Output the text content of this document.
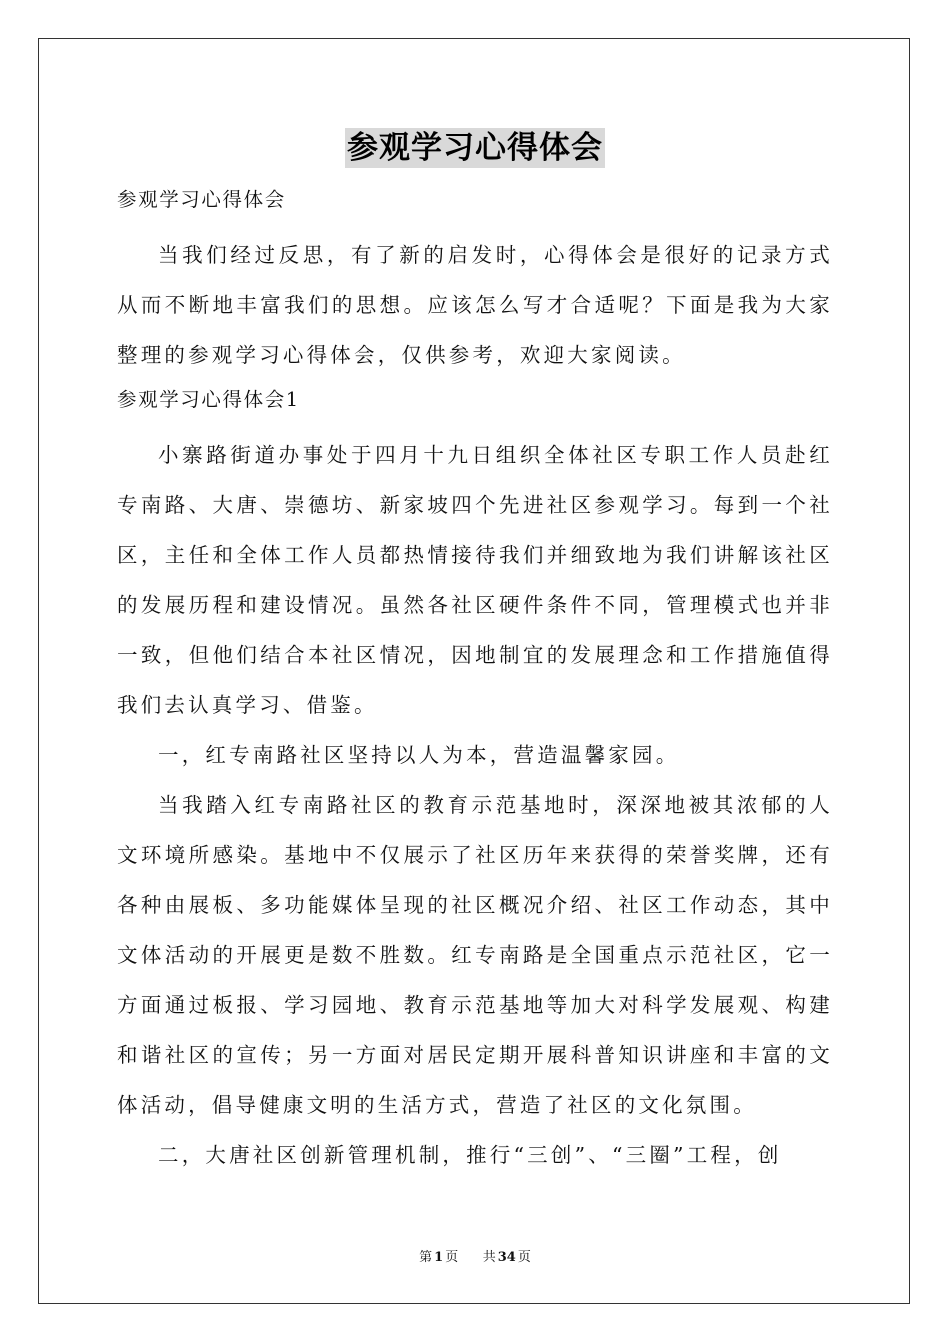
参观学习心得体会

参观学习心得体会

当我们经过反思，有了新的启发时，心得体会是很好的记录方式从而不断地丰富我们的思想。应该怎么写才合适呢？下面是我为大家整理的参观学习心得体会，仅供参考，欢迎大家阅读。

参观学习心得体会1

小寨路街道办事处于四月十九日组织全体社区专职工作人员赴红专南路、大唐、崇德坊、新家坡四个先进社区参观学习。每到一个社区，主任和全体工作人员都热情接待我们并细致地为我们讲解该社区的发展历程和建设情况。虽然各社区硬件条件不同，管理模式也并非一致，但他们结合本社区情况，因地制宜的发展理念和工作措施值得我们去认真学习、借鉴。

一，红专南路社区坚持以人为本，营造温馨家园。

当我踏入红专南路社区的教育示范基地时，深深地被其浓郁的人文环境所感染。基地中不仅展示了社区历年来获得的荣誉奖牌，还有各种由展板、多功能媒体呈现的社区概况介绍、社区工作动态，其中文体活动的开展更是数不胜数。红专南路是全国重点示范社区，它一方面通过板报、学习园地、教育示范基地等加大对科学发展观、构建和谐社区的宣传；另一方面对居民定期开展科普知识讲座和丰富的文体活动，倡导健康文明的生活方式，营造了社区的文化氛围。

二，大唐社区创新管理机制，推行“三创”、“三圈”工程，创

第 1 页 共 34 页
